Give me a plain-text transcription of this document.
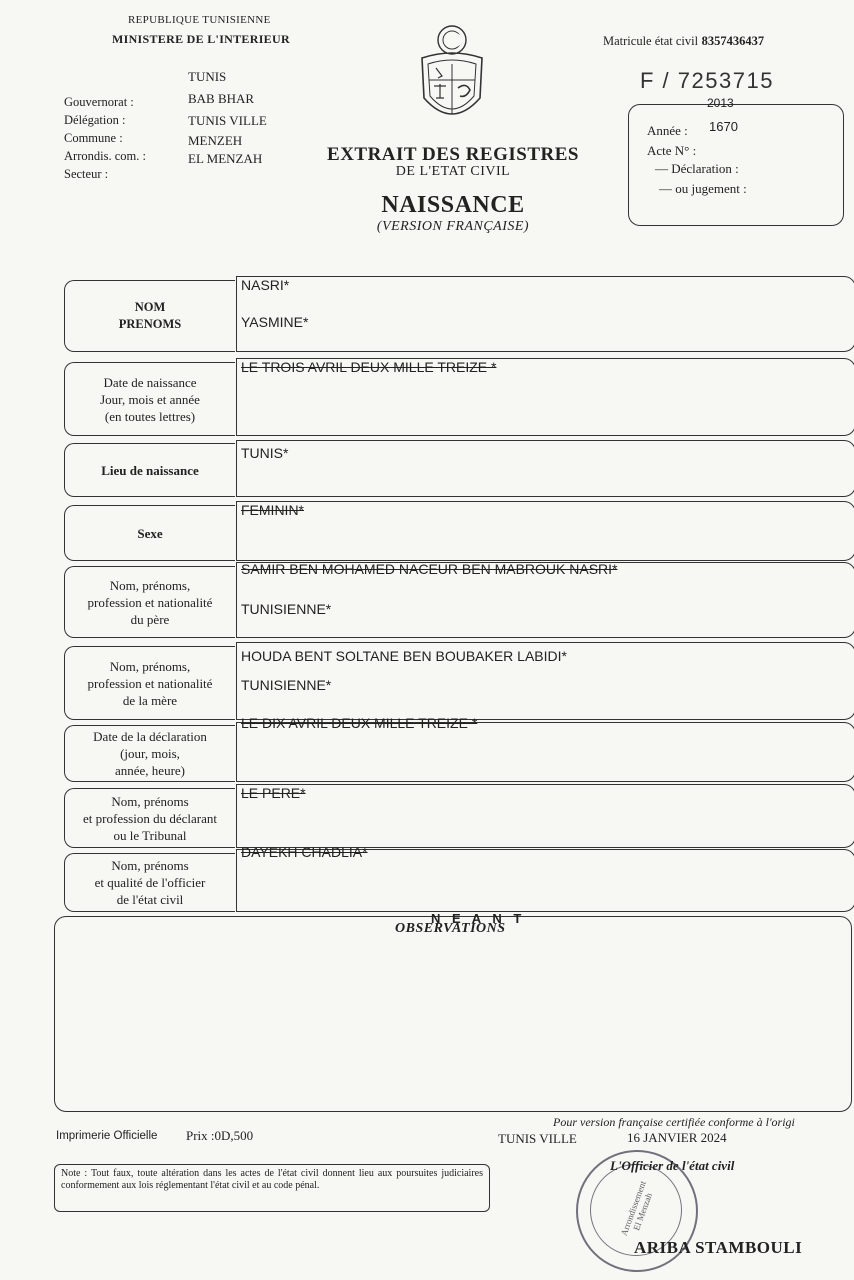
REPUBLIQUE TUNISIENNE
MINISTERE DE L'INTERIEUR
Gouvernorat :
Délégation :
Commune :
Arrondis. com. :
Secteur :
TUNIS
BAB BHAR
TUNIS VILLE
MENZEH
EL MENZAH
Matricule état civil 8357436437
F / 7253715
Année :
2013
1670
Acte N° :
— Déclaration :
— ou jugement :
EXTRAIT DES REGISTRES
DE L'ETAT CIVIL
NAISSANCE
(VERSION FRANÇAISE)
NOM
PRENOMS
NASRI*
YASMINE*
Date de naissance
Jour, mois et année
(en toutes lettres)
LE TROIS AVRIL DEUX MILLE TREIZE *
Lieu de naissance
TUNIS*
Sexe
FEMININ*
Nom, prénoms,
profession et nationalité
du père
SAMIR BEN MOHAMED NACEUR BEN MABROUK NASRI*
TUNISIENNE*
Nom, prénoms,
profession et nationalité
de la mère
HOUDA BENT SOLTANE BEN BOUBAKER LABIDI*
TUNISIENNE*
Date de la déclaration
(jour, mois,
année, heure)
LE DIX AVRIL DEUX MILLE TREIZE *
Nom, prénoms
et profession du déclarant
ou le Tribunal
LE PERE*
Nom, prénoms
et qualité de l'officier
de l'état civil
DAYEKH CHADLIA*
OBSERVATIONS
N E A N T
Imprimerie Officielle Prix :0D,500
Pour version française certifiée conforme à l'origi
TUNIS VILLE	16 JANVIER 2024
Note : Tout faux, toute altération dans les actes de l'état civil donnent lieu aux poursuites judiciaires conformement aux lois réglementant l'état civil et au code pénal.	Arrondissement El Menzah
L'Officier de l'état civil
ARIBA STAMBOULI
